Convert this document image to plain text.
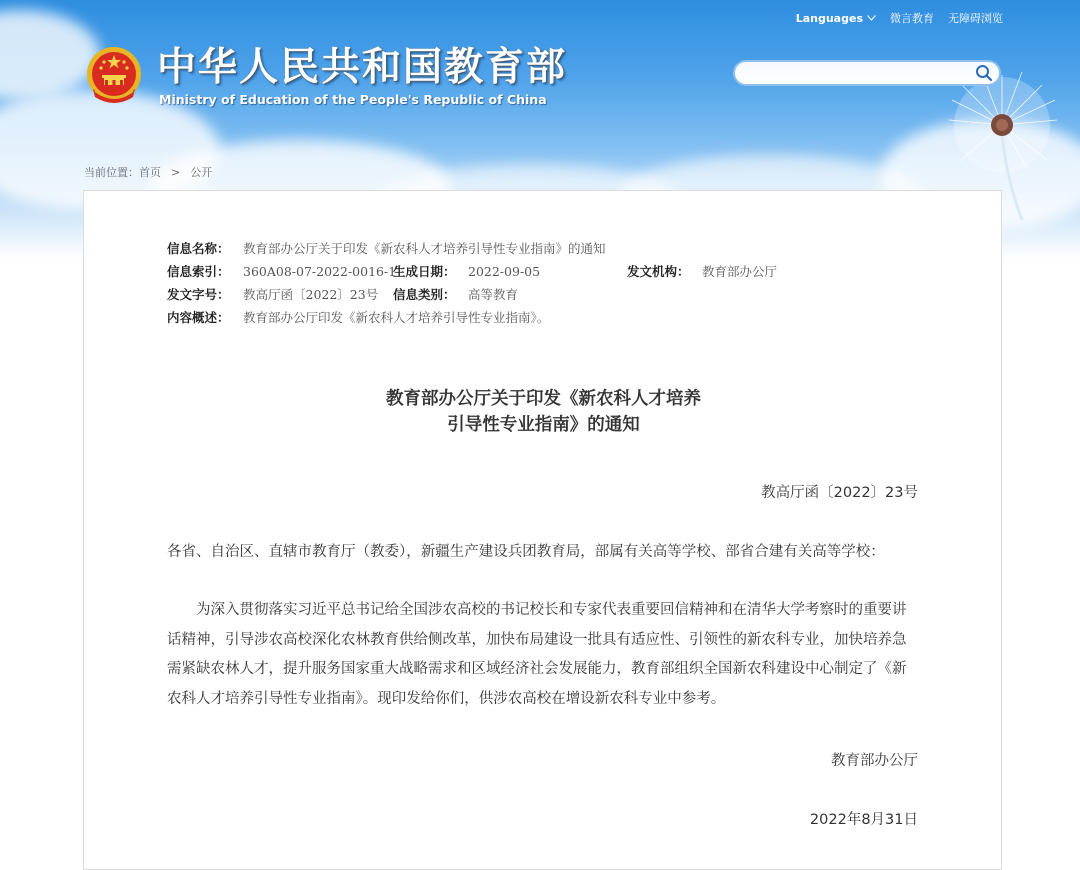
Languages 微言教育 无障碍浏览
中华人民共和国教育部
Ministry of Education of the People's Republic of China
当前位置：首页 > 公开
信息名称： 教育部办公厅关于印发《新农科人才培养引导性专业指南》的通知
信息索引： 360A08-07-2022-0016-1
生成日期： 2022-09-05	发文机构： 教育部办公厅
发文字号： 教高厅函〔2022〕23号 信息类别： 高等教育
内容概述： 教育部办公厅印发《新农科人才培养引导性专业指南》。
教育部办公厅关于印发《新农科人才培养
引导性专业指南》的通知
教高厅函〔2022〕23号
各省、自治区、直辖市教育厅（教委），新疆生产建设兵团教育局，部属有关高等学校、部省合建有关高等学校：
为深入贯彻落实习近平总书记给全国涉农高校的书记校长和专家代表重要回信精神和在清华大学考察时的重要讲话精神，引导涉农高校深化农林教育供给侧改革，加快布局建设一批具有适应性、引领性的新农科专业，加快培养急需紧缺农林人才，提升服务国家重大战略需求和区域经济社会发展能力，教育部组织全国新农科建设中心制定了《新农科人才培养引导性专业指南》。现印发给你们，供涉农高校在增设新农科专业中参考。
教育部办公厅
2022年8月31日
